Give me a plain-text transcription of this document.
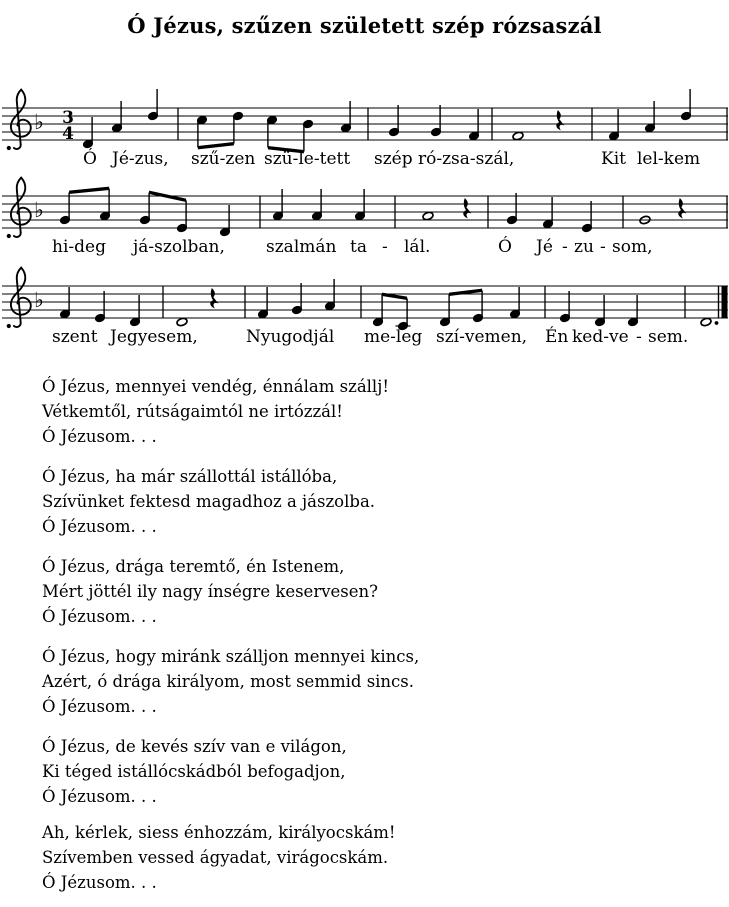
Ó Jézus, szűzen született szép rózsaszál
♭ 3
4
Ó Jé-zus, szű-zen szü-le-tett szép ró-zsa-szál,	Kit lel-kem
♭
hi-deg já-szolban, szalmán ta - lál.	Ó Jé - zu - som,
♭
szent Jegyesem,	Nyugodjál me-leg szí-vemen, Én ked-ve - sem.
Ó Jézus, mennyei vendég, énnálam szállj!
Vétkemtől, rútságaimtól ne irtózzál!
Ó Jézusom. . .
Ó Jézus, ha már szállottál istállóba,
Szívünket fektesd magadhoz a jászolba.
Ó Jézusom. . .
Ó Jézus, drága teremtő, én Istenem,
Mért jöttél ily nagy ínségre keservesen?
Ó Jézusom. . .
Ó Jézus, hogy miránk szálljon mennyei kincs,
Azért, ó drága királyom, most semmid sincs.
Ó Jézusom. . .
Ó Jézus, de kevés szív van e világon,
Ki téged istállócskádból befogadjon,
Ó Jézusom. . .
Ah, kérlek, siess énhozzám, királyocskám!
Szívemben vessed ágyadat, virágocskám.
Ó Jézusom. . .
